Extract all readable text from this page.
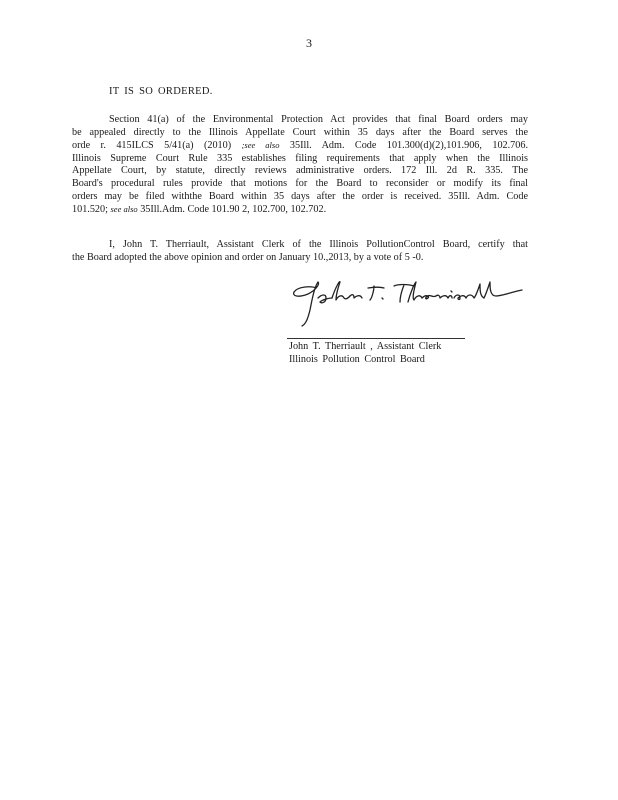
3
IT IS SO ORDERED.
Section 41(a) of the Environmental Protection Act provides that final Board orders may
be appealed directly to the Illinois Appellate Court within 35 days after the Board serves the
orde r. 415ILCS 5/41(a) (2010) ;see also 35Ill. Adm. Code 101.300(d)(2),101.906, 102.706.
Illinois Supreme Court Rule 335 establishes filing requirements that apply when the Illinois
Appellate Court, by statute, directly reviews administrative orders. 172 Ill. 2d R. 335. The
Board's procedural rules provide that motions for the Board to reconsider or modify its final
orders may be filed withthe Board within 35 days after the order is received. 35Ill. Adm. Code
101.520; see also 35Ill.Adm. Code 101.90 2, 102.700, 102.702.
I, John T. Therriault, Assistant Clerk of the Illinois PollutionControl Board, certify that
the Board adopted the above opinion and order on January 10.,2013, by a vote of 5 -0.
John T. Therriault , Assistant Clerk
Illinois Pollution Control Board
